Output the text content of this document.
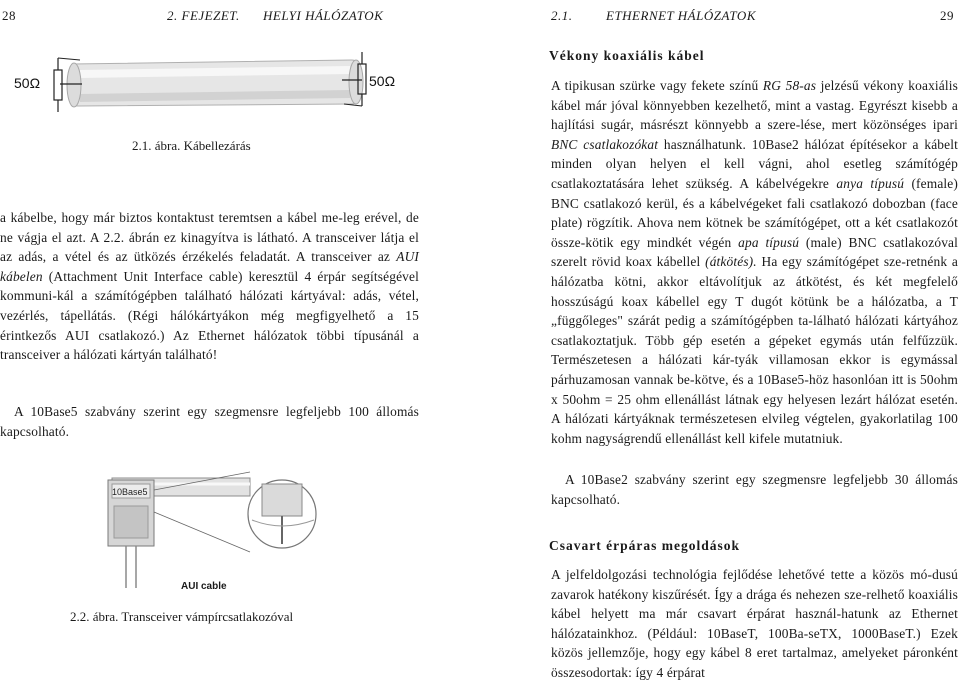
28	2. FEJEZET. HELYI HÁLÓZATOK
50Ω	50Ω
2.1. ábra. Kábellezárás

a kábelbe, hogy már biztos kontaktust teremtsen a kábel me-leg erével, de ne vágja el azt. A 2.2. ábrán ez kinagyítva is látható. A transceiver látja el az adás, a vétel és az ütközés érzékelés feladatát. A transceiver az AUI kábelen (Attachment Unit Interface cable) keresztül 4 érpár segítségével kommuni-kál a számítógépben található hálózati kártyával: adás, vétel, vezérlés, tápellátás. (Régi hálókártyákon még megfigyelhető a 15 érintkezős AUI csatlakozó.) Az Ethernet hálózatok többi típusánál a transceiver a hálózati kártyán található!

A 10Base5 szabvány szerint egy szegmensre legfeljebb 100 állomás kapcsolható.
10Base5
AUI cable
2.2. ábra. Transceiver vámpírcsatlakozóval
2.1.	ETHERNET HÁLÓZATOK	29
Vékony koaxiális kábel

A tipikusan szürke vagy fekete színű RG 58-as jelzésű vékony koaxiális kábel már jóval könnyebben kezelhető, mint a vastag. Egyrészt kisebb a hajlítási sugár, másrészt könnyebb a szere-lése, mert közönséges ipari BNC csatlakozókat használhatunk. 10Base2 hálózat építésekor a kábelt minden olyan helyen el kell vágni, ahol esetleg számítógép csatlakoztatására lehet szükség. A kábelvégekre anya típusú (female) BNC csatlakozó kerül, és a kábelvégeket fali csatlakozó dobozban (face plate) rögzítik. Ahova nem kötnek be számítógépet, ott a két csatlakozót össze-kötik egy mindkét végén apa típusú (male) BNC csatlakozóval szerelt rövid koax kábellel (átkötés). Ha egy számítógépet sze-retnénk a hálózatba kötni, akkor eltávolítjuk az átkötést, és két megfelelő hosszúságú koax kábellel egy T dugót kötünk be a hálózatba, a T „függőleges" szárát pedig a számítógépben ta-lálható hálózati kártyához csatlakoztatjuk. Több gép esetén a gépeket egymás után felfűzzük. Természetesen a hálózati kár-tyák villamosan ekkor is egymással párhuzamosan vannak be-kötve, és a 10Base5-höz hasonlóan itt is 50ohm x 50ohm = 25 ohm ellenállást látnak egy helyesen lezárt hálózat esetén. A hálózati kártyáknak természetesen elvileg végtelen, gyakorlatilag 100 kohm nagyságrendű ellenállást kell kifele mutatniuk.

A 10Base2 szabvány szerint egy szegmensre legfeljebb 30 állomás kapcsolható.
Csavart érpáras megoldások
A jelfeldolgozási technológia fejlődése lehetővé tette a közös mó-dusú zavarok hatékony kiszűrését. Így a drága és nehezen sze-relhető koaxiális kábel helyett ma már csavart érpárat használ-hatunk az Ethernet hálózatainkhoz. (Például: 10BaseT, 100Ba-seTX, 1000BaseT.) Ezek közös jellemzője, hogy egy kábel 8 eret tartalmaz, amelyeket páronként összesodortak: így 4 érpárat
